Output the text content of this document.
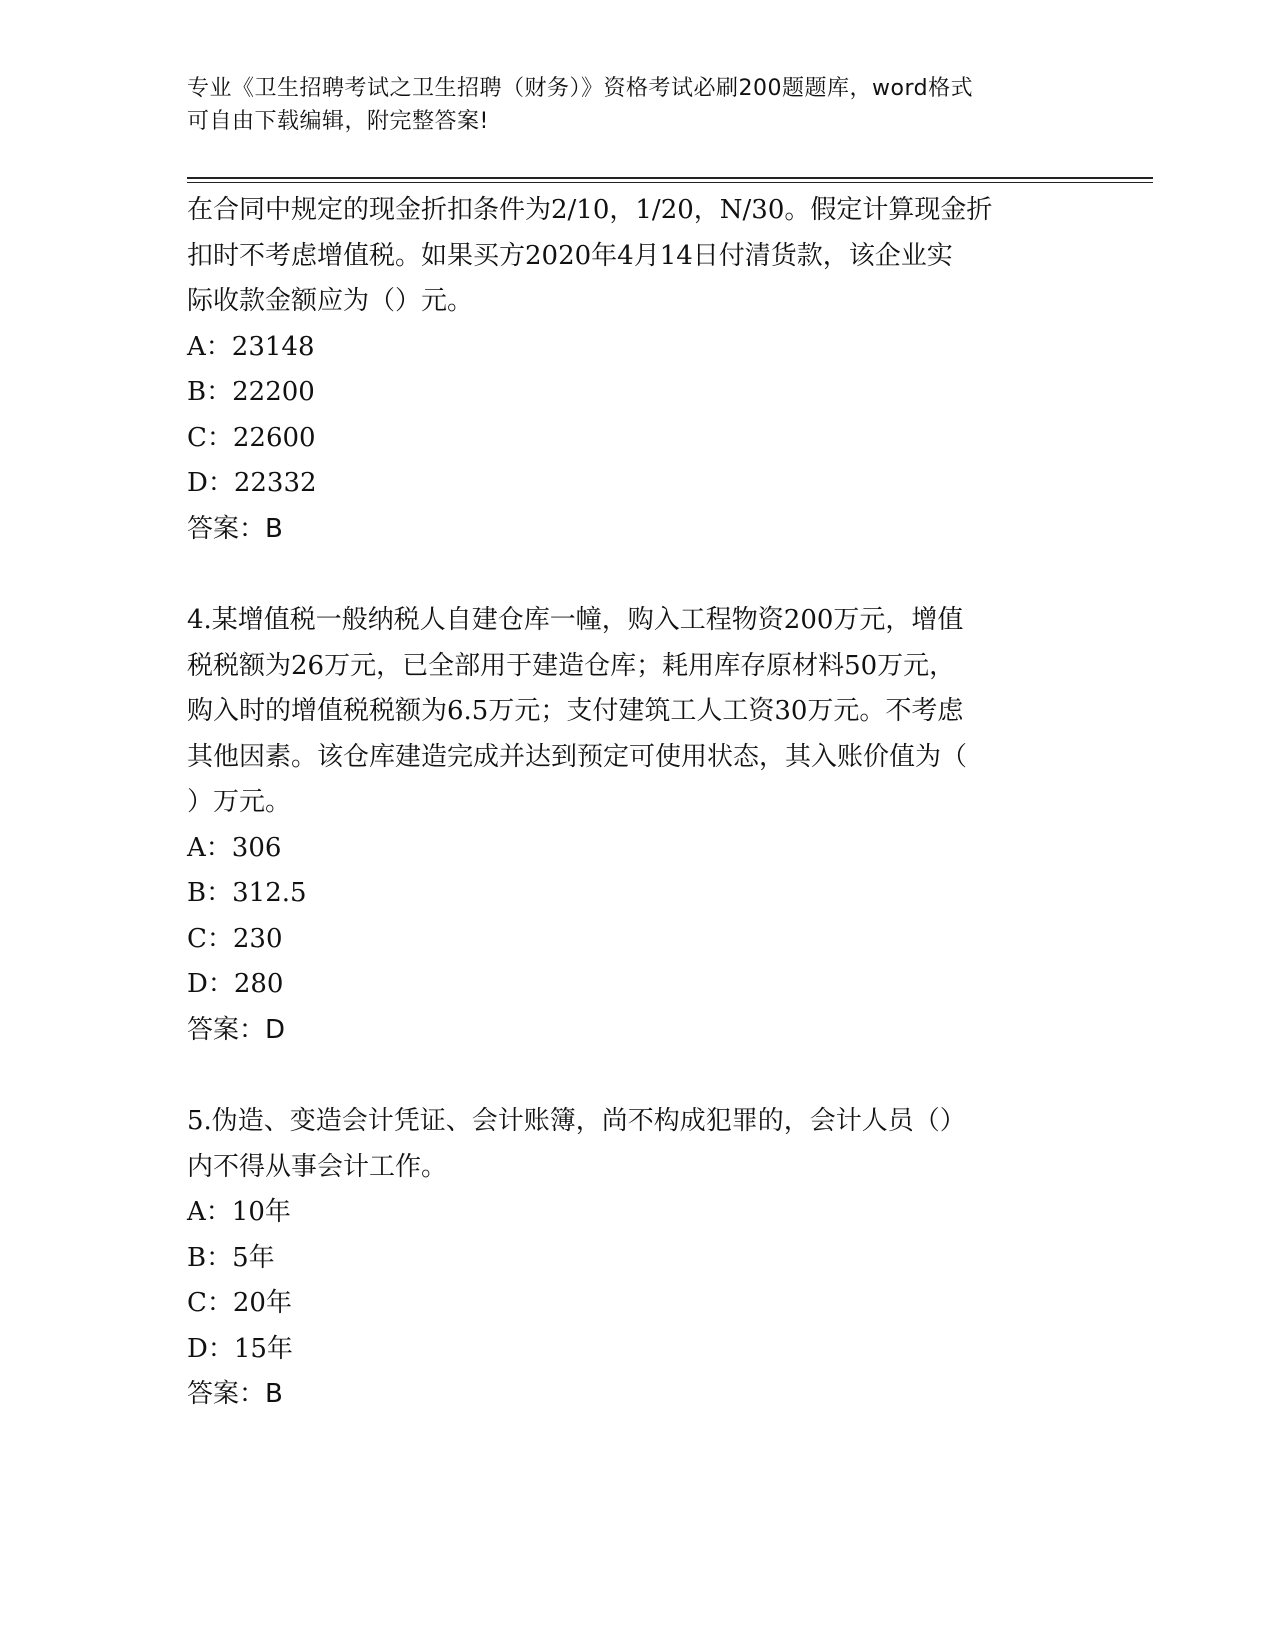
专业《卫生招聘考试之卫生招聘（财务）》资格考试必刷200题题库，word格式
可自由下载编辑，附完整答案!
在合同中规定的现金折扣条件为2/10，1/20，N/30。假定计算现金折
扣时不考虑增值税。如果买方2020年4月14日付清货款，该企业实
际收款金额应为（）元。
A：23148
B：22200
C：22600
D：22332
答案：B
4.某增值税一般纳税人自建仓库一幢，购入工程物资200万元，增值
税税额为26万元，已全部用于建造仓库；耗用库存原材料50万元，
购入时的增值税税额为6.5万元；支付建筑工人工资30万元。不考虑
其他因素。该仓库建造完成并达到预定可使用状态，其入账价值为（
）万元。
A：306
B：312.5
C：230
D：280
答案：D
5.伪造、变造会计凭证、会计账簿，尚不构成犯罪的，会计人员（）
内不得从事会计工作。
A：10年
B：5年
C：20年
D：15年
答案：B
